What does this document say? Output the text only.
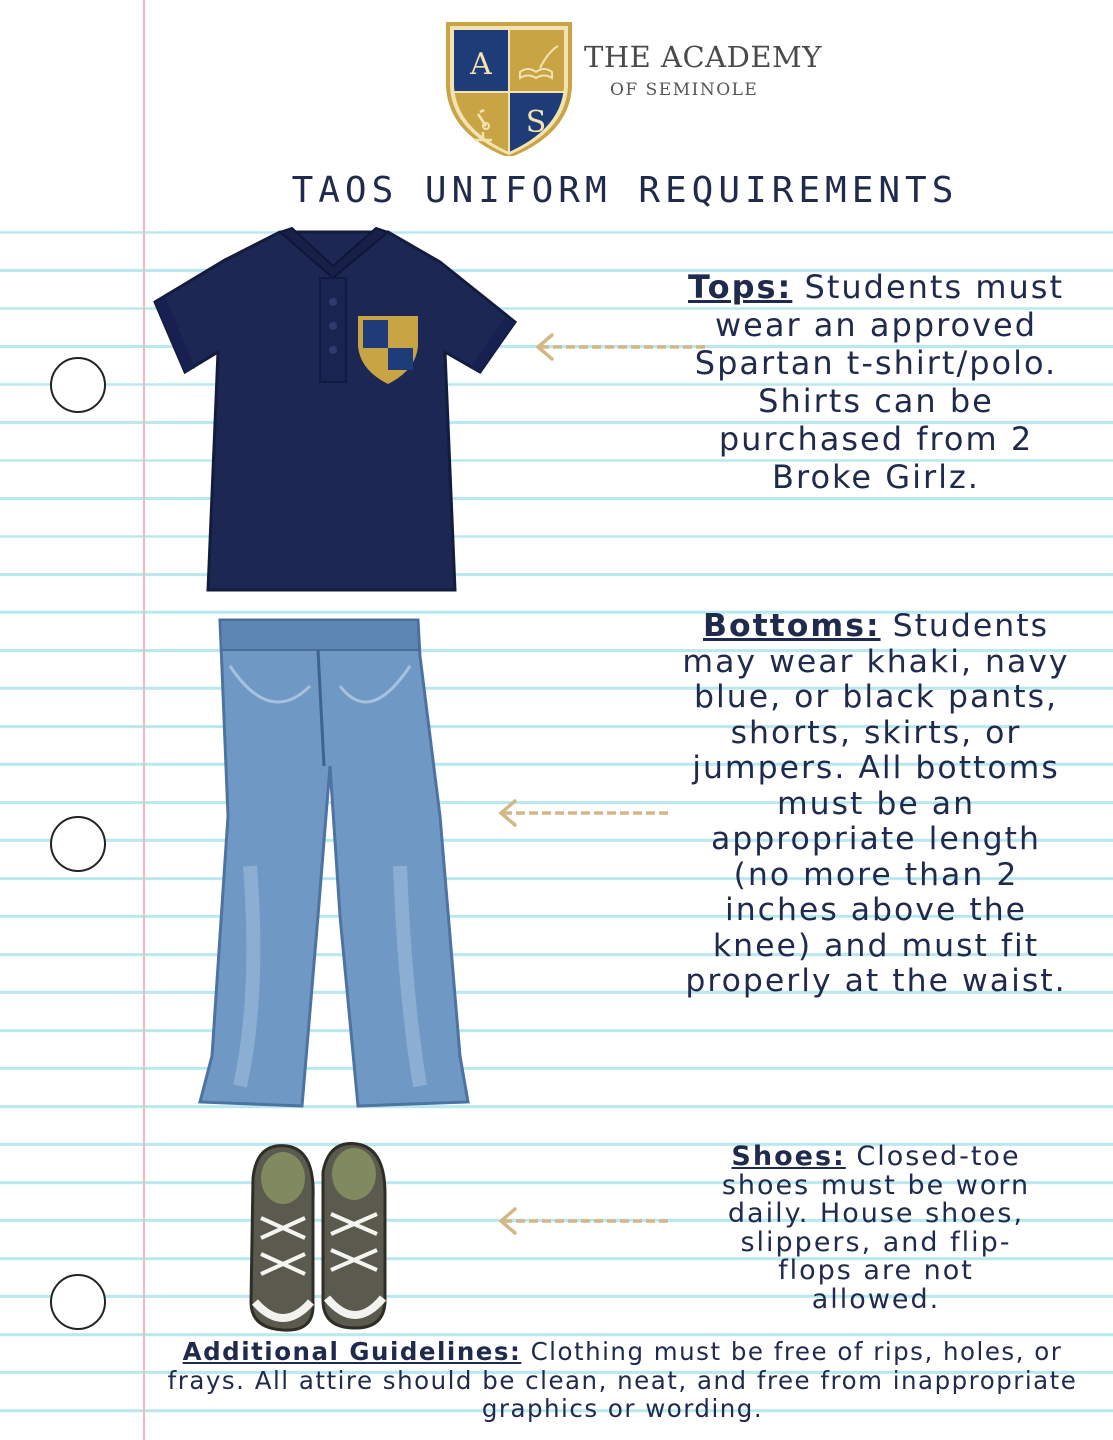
A
S
THE ACADEMY
OF SEMINOLE
TAOS UNIFORM REQUIREMENTS
Tops: Students must wear an approved Spartan t-shirt/polo. Shirts can be purchased from 2 Broke Girlz.
Bottoms: Students may wear khaki, navy blue, or black pants, shorts, skirts, or jumpers. All bottoms must be an appropriate length (no more than 2 inches above the knee) and must fit properly at the waist.
Shoes: Closed-toe shoes must be worn daily. House shoes, slippers, and flip-flops are not allowed.
Additional Guidelines: Clothing must be free of rips, holes, or frays. All attire should be clean, neat, and free from inappropriate graphics or wording.
